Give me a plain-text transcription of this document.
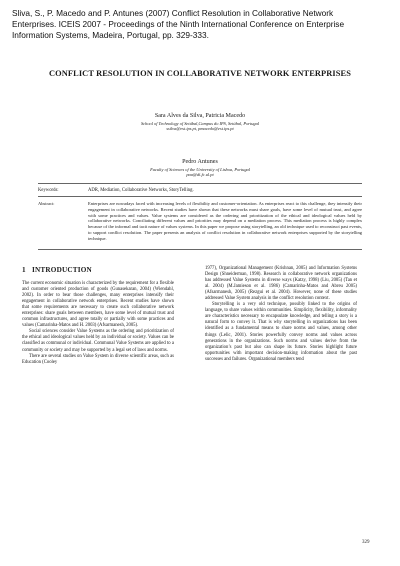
Sliva, S., P. Macedo and P. Antunes (2007) Conflict Resolution in Collaborative Network Enterprises. ICEIS 2007 - Proceedings of the Ninth International Conference on Enterprise Information Systems, Madeira, Portugal, pp. 329-333.
CONFLICT RESOLUTION IN COLLABORATIVE NETWORK ENTERPRISES
Sara Alves da Silva, Patricia Macedo
School of Technology of Setúbal,Campus do IPS, Setúbal, Portugal
ssilva@est.ips.pt, pmacedo@est.ips.pt
Pedro Antunes
Faculty of Sciences of the University of Lisboa, Portugal
paa@di.fc.ul.pt
Keywords:	ADR, Mediation, Collaborative Networks, StoryTelling.
Abstract:	Enterprises are nowadays faced with increasing levels of flexibility and customer-orientation. As enterprises react to this challenge, they intensify their engagement in collaborative networks. Recent studies have shown that these networks must share goals, have some level of mutual trust, and agree with some practices and values. Value systems are considered as the ordering and prioritization of the ethical and ideological values held by collaborative networks. Conciliating different values and priorities may depend on a mediation process. This mediation process is highly complex because of the informal and tacit nature of values systems. In this paper we propose using storytelling, an old technique used to reconstruct past events, to support conflict resolution. The paper presents an analysis of conflict resolution in collaborative network enterprises supported by the storytelling technique.
1 INTRODUCTION

The current economic situation is characterized by the requirement for a flexible and customer oriented production of goods (Gunasekaran, 2004) (Wiendahl, 2002). In order to bear those challenges, many enterprises intensify their engagement in collaborative network enterprises. Recent studies have shown that some requirements are necessary to create such collaborative network enterprises: share goals between members, have some level of mutual trust and common infrastructures, and agree totally or partially with some practices and values (Camarinha-Matos and H. 2003) (Afsarmanesh, 2005).

Social sciences consider Value Systems as the ordering and prioritization of the ethical and ideological values held by an individual or society. Values can be classified as communal or individual. Communal Value Systems are applied to a community or society and may be supported by a legal set of laws and norms.

There are several studies on Value System in diverse scientific areas, such as Education (Cooley

1977), Organizational Management (Krishnan, 2005) and Information Systems Design (Shneiderman, 1998). Research in collaborative network organizations has addressed Value Systems in diverse ways (Katzy, 1998) (Liu, 2005) (Tan et al. 2004) (M.Jamieson et al. 1986) (Camarinha-Matos and Abreu 2005) (Afsarmanesh, 2005) (Rezgui et al. 2004). However, none of these studies addressed Value System analysis in the conflict resolution context.

Storytelling is a very old technique, possibly linked to the origins of language, to share values within communities. Simplicity, flexibility, informality are characteristics necessary to encapsulate knowledge, and telling a story is a natural form to convey it. That is why storytelling in organizations has been identified as a fundamental means to share norms and values, among other things (Lelic, 2001). Stories powerfully convey norms and values across generations in the organizations. Such norms and values derive from the organization’s past but also can shape its future. Stories highlight future opportunities with important decision-making information about the past successes and failures. Organizational members tend

329
